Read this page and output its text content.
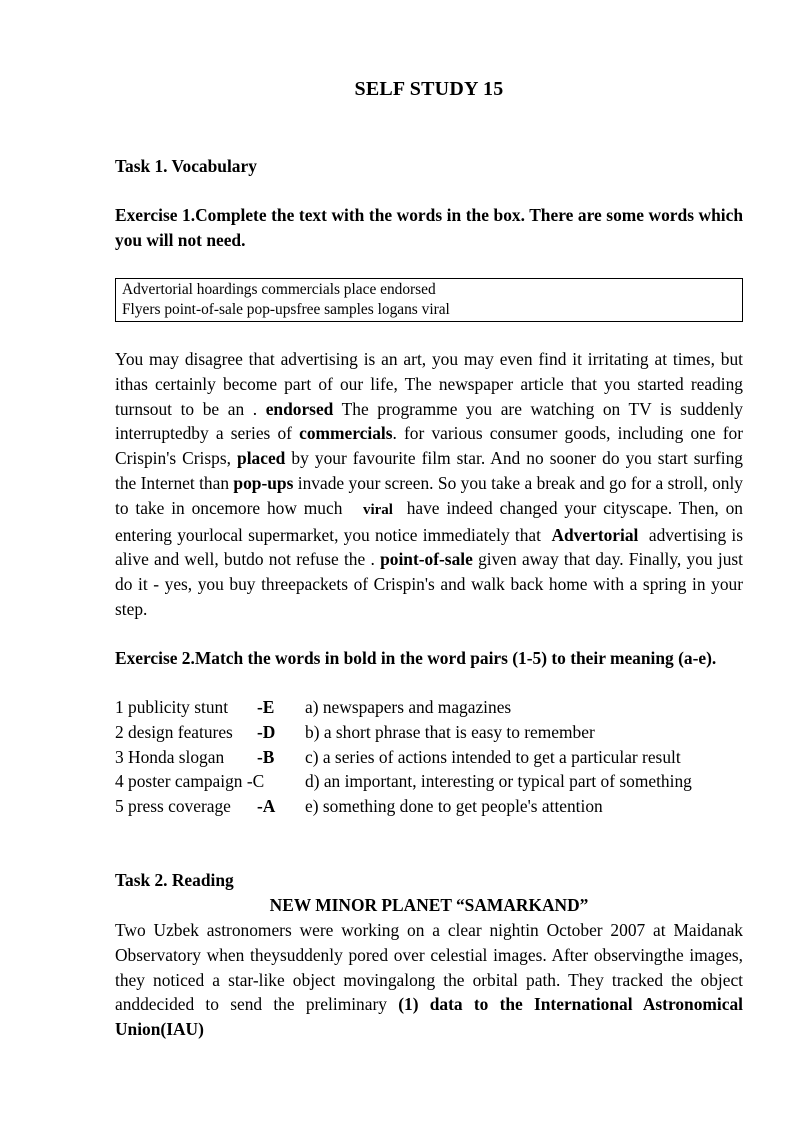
SELF STUDY 15
Task 1. Vocabulary
Exercise 1.Complete the text with the words in the box. There are some words which you will not need.
Advertorial hoardings commercials place endorsed
Flyers point-of-sale pop-upsfree samples logans viral
You may disagree that advertising is an art, you may even find it irritating at times, but ithas certainly become part of our life, The newspaper article that you started reading turnsout to be an . endorsed The programme you are watching on TV is suddenly interruptedby a series of commercials. for various consumer goods, including one for Crispin's Crisps, placed by your favourite film star. And no sooner do you start surfing the Internet than pop-ups invade your screen. So you take a break and go for a stroll, only to take in oncemore how much viral have indeed changed your cityscape. Then, on entering yourlocal supermarket, you notice immediately that Advertorial advertising is alive and well, butdo not refuse the . point-of-sale given away that day. Finally, you just do it - yes, you buy threepackets of Crispin's and walk back home with a spring in your step.
Exercise 2.Match the words in bold in the word pairs (1-5) to their meaning (a-e).
1 publicity stunt -E a) newspapers and magazines
2 design features -D b) a short phrase that is easy to remember
3 Honda slogan -B c) a series of actions intended to get a particular result
4 poster campaign -C d) an important, interesting or typical part of something
5 press coverage -A e) something done to get people's attention
Task 2. Reading
NEW MINOR PLANET “SAMARKAND”
Two Uzbek astronomers were working on a clear nightin October 2007 at Maidanak Observatory when theysuddenly pored over celestial images. After observingthe images, they noticed a star-like object movingalong the orbital path. They tracked the object anddecided to send the preliminary (1) data to the International Astronomical Union(IAU)
